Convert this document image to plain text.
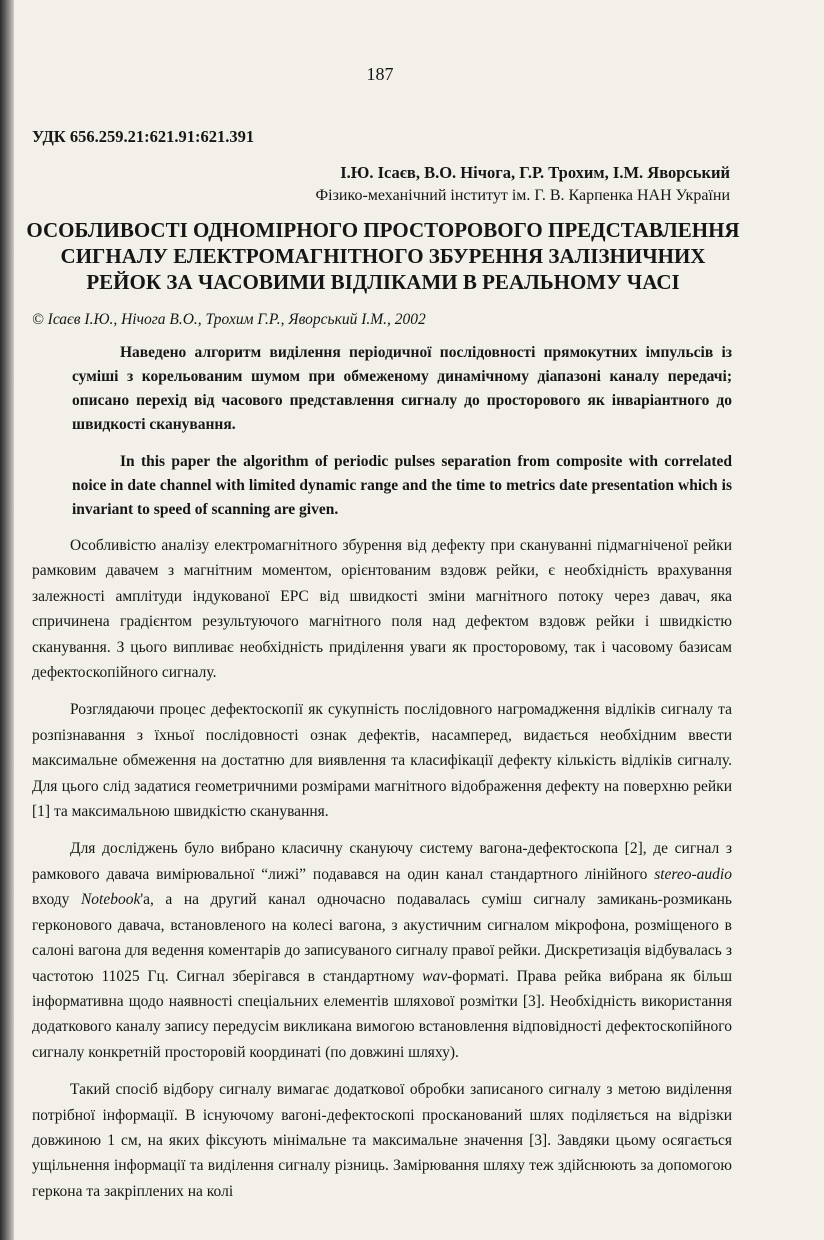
187
УДК 656.259.21:621.91:621.391
І.Ю. Ісаєв, В.О. Нічога, Г.Р. Трохим, І.М. Яворський
Фізико-механічний інститут ім. Г. В. Карпенка НАН України
ОСОБЛИВОСТІ ОДНОМІРНОГО ПРОСТОРОВОГО ПРЕДСТАВЛЕННЯ
СИГНАЛУ ЕЛЕКТРОМАГНІТНОГО ЗБУРЕННЯ ЗАЛІЗНИЧНИХ
РЕЙОК ЗА ЧАСОВИМИ ВІДЛІКАМИ В РЕАЛЬНОМУ ЧАСІ
© Ісаєв І.Ю., Нічога В.О., Трохим Г.Р., Яворський І.М., 2002
Наведено алгоритм виділення періодичної послідовності прямокутних імпульсів із суміші з корельованим шумом при обмеженому динамічному діапазоні каналу передачі; описано перехід від часового представлення сигналу до просторового як інваріантного до швидкості сканування.
In this paper the algorithm of periodic pulses separation from composite with correlated noice in date channel with limited dynamic range and the time to metrics date presentation which is invariant to speed of scanning are given.

Особливістю аналізу електромагнітного збурення від дефекту при скануванні підмагніченої рейки рамковим давачем з магнітним моментом, орієнтованим вздовж рейки, є необхідність врахування залежності амплітуди індукованої ЕРС від швидкості зміни магнітного потоку через давач, яка спричинена градієнтом результуючого магнітного поля над дефектом вздовж рейки і швидкістю сканування. З цього випливає необхідність приділення уваги як просторовому, так і часовому базисам дефектоскопійного сигналу.

Розглядаючи процес дефектоскопії як сукупність послідовного нагромадження відліків сигналу та розпізнавання з їхньої послідовності ознак дефектів, насамперед, видається необхідним ввести максимальне обмеження на достатню для виявлення та класифікації дефекту кількість відліків сигналу. Для цього слід задатися геометричними розмірами магнітного відображення дефекту на поверхню рейки [1] та максимальною швидкістю сканування.

Для досліджень було вибрано класичну скануючу систему вагона-дефектоскопа [2], де сигнал з рамкового давача вимірювальної “лижі” подавався на один канал стандартного лінійного stereo-audio входу Notebook'а, а на другий канал одночасно подавалась суміш сигналу замикань-розмикань герконового давача, встановленого на колесі вагона, з акустичним сигналом мікрофона, розміщеного в салоні вагона для ведення коментарів до записуваного сигналу правої рейки. Дискретизація відбувалась з частотою 11025 Гц. Сигнал зберігався в стандартному wav-форматі. Права рейка вибрана як більш інформативна щодо наявності спеціальних елементів шляхової розмітки [3]. Необхідність використання додаткового каналу запису передусім викликана вимогою встановлення відповідності дефектоскопійного сигналу конкретній просторовій координаті (по довжині шляху).

Такий спосіб відбору сигналу вимагає додаткової обробки записаного сигналу з метою виділення потрібної інформації. В існуючому вагоні-дефектоскопі просканований шлях поділяється на відрізки довжиною 1 см, на яких фіксують мінімальне та максимальне значення [3]. Завдяки цьому осягається ущільнення інформації та виділення сигналу різниць. Замірювання шляху теж здійснюють за допомогою геркона та закріплених на колі
